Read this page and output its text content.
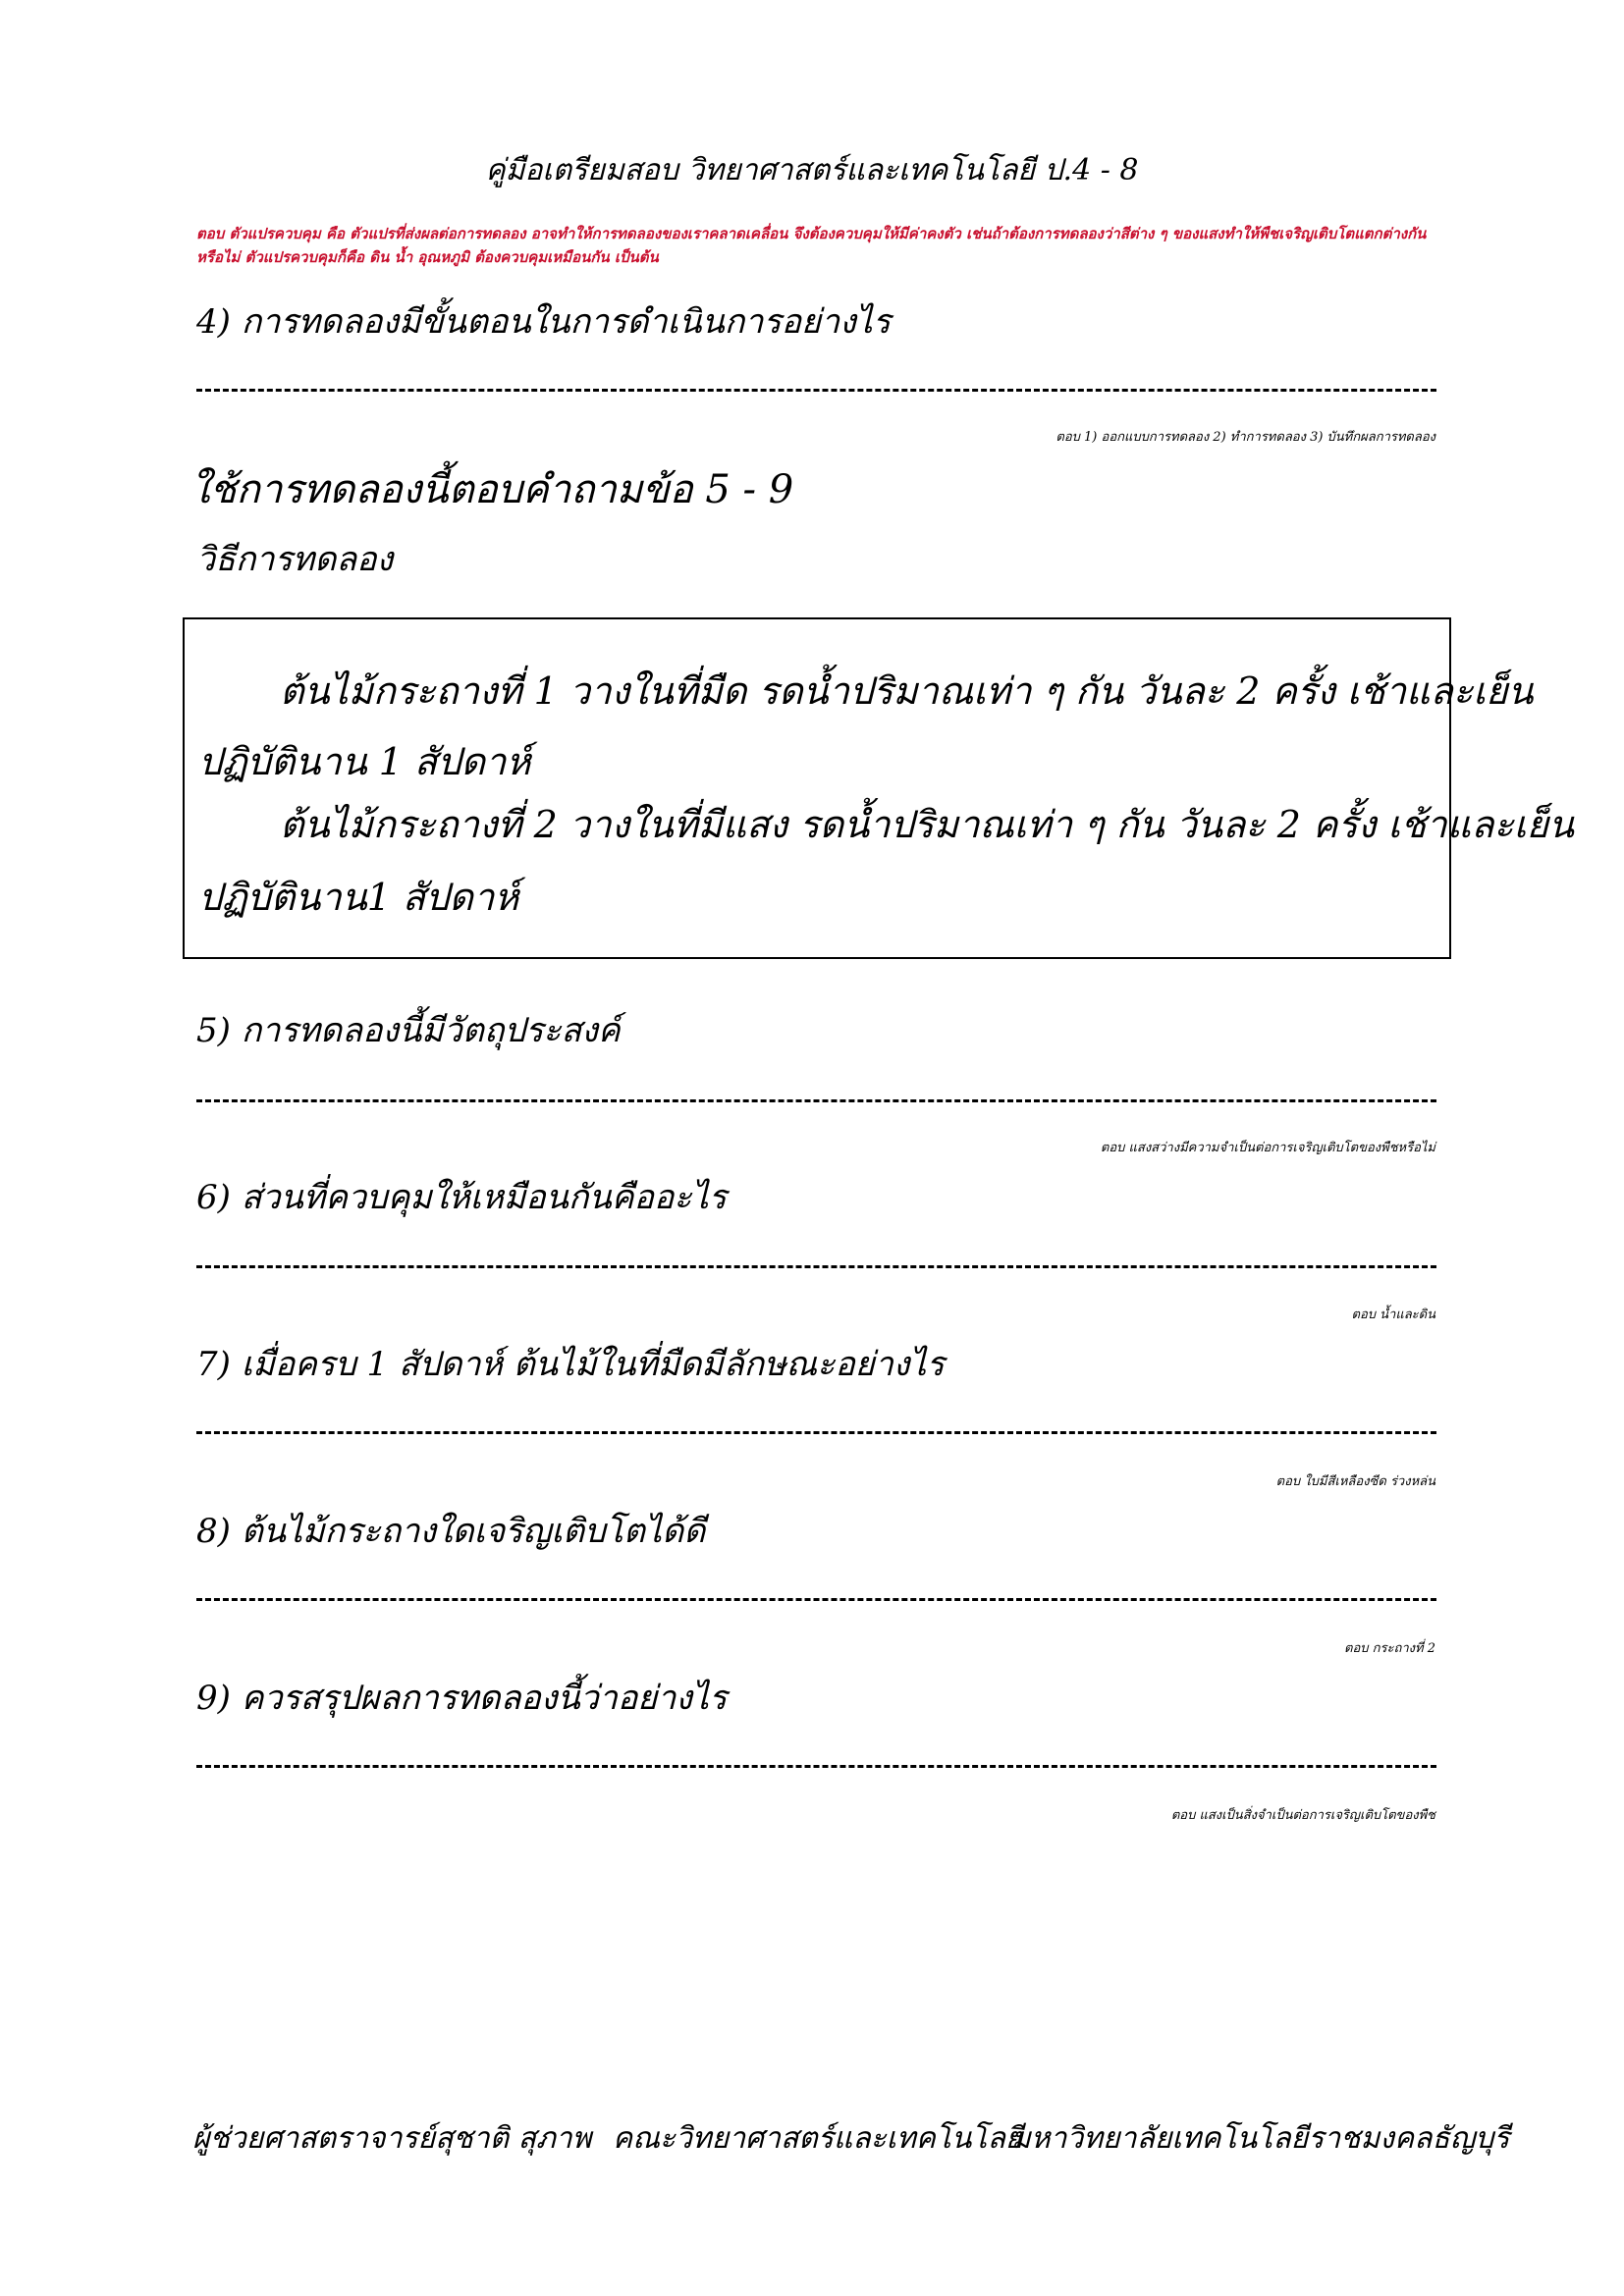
คู่มือเตรียมสอบ วิทยาศาสตร์และเทคโนโลยี ป.4 - 8
ตอบ ตัวแปรควบคุม คือ ตัวแปรที่ส่งผลต่อการทดลอง อาจทำให้การทดลองของเราคลาดเคลื่อน จึงต้องควบคุมให้มีค่าคงตัว เช่นถ้าต้องการทดลองว่าสีต่าง ๆ ของแสงทำให้พืชเจริญเติบโตแตกต่างกัน
หรือไม่ ตัวแปรควบคุมก็คือ ดิน น้ำ อุณหภูมิ ต้องควบคุมเหมือนกัน เป็นต้น
4) การทดลองมีขั้นตอนในการดำเนินการอย่างไร
ตอบ 1) ออกแบบการทดลอง 2) ทำการทดลอง 3) บันทึกผลการทดลอง
ใช้การทดลองนี้ตอบคำถามข้อ 5 - 9
วิธีการทดลอง
ต้นไม้กระถางที่ 1 วางในที่มืด รดน้ำปริมาณเท่า ๆ กัน วันละ 2 ครั้ง เช้าและเย็น
ปฏิบัตินาน 1 สัปดาห์
ต้นไม้กระถางที่ 2 วางในที่มีแสง รดน้ำปริมาณเท่า ๆ กัน วันละ 2 ครั้ง เช้าและเย็น
ปฏิบัตินาน1 สัปดาห์
5) การทดลองนี้มีวัตถุประสงค์
ตอบ แสงสว่างมีความจำเป็นต่อการเจริญเติบโตของพืชหรือไม่
6) ส่วนที่ควบคุมให้เหมือนกันคืออะไร
ตอบ น้ำและดิน
7) เมื่อครบ 1 สัปดาห์ ต้นไม้ในที่มืดมีลักษณะอย่างไร
ตอบ ใบมีสีเหลืองซีด ร่วงหล่น
8) ต้นไม้กระถางใดเจริญเติบโตได้ดี
ตอบ กระถางที่ 2
9) ควรสรุปผลการทดลองนี้ว่าอย่างไร
ตอบ แสงเป็นสิ่งจำเป็นต่อการเจริญเติบโตของพืช
ผู้ช่วยศาสตราจารย์สุชาติ สุภาพ คณะวิทยาศาสตร์และเทคโนโลยี
มหาวิทยาลัยเทคโนโลยีราชมงคลธัญบุรี
